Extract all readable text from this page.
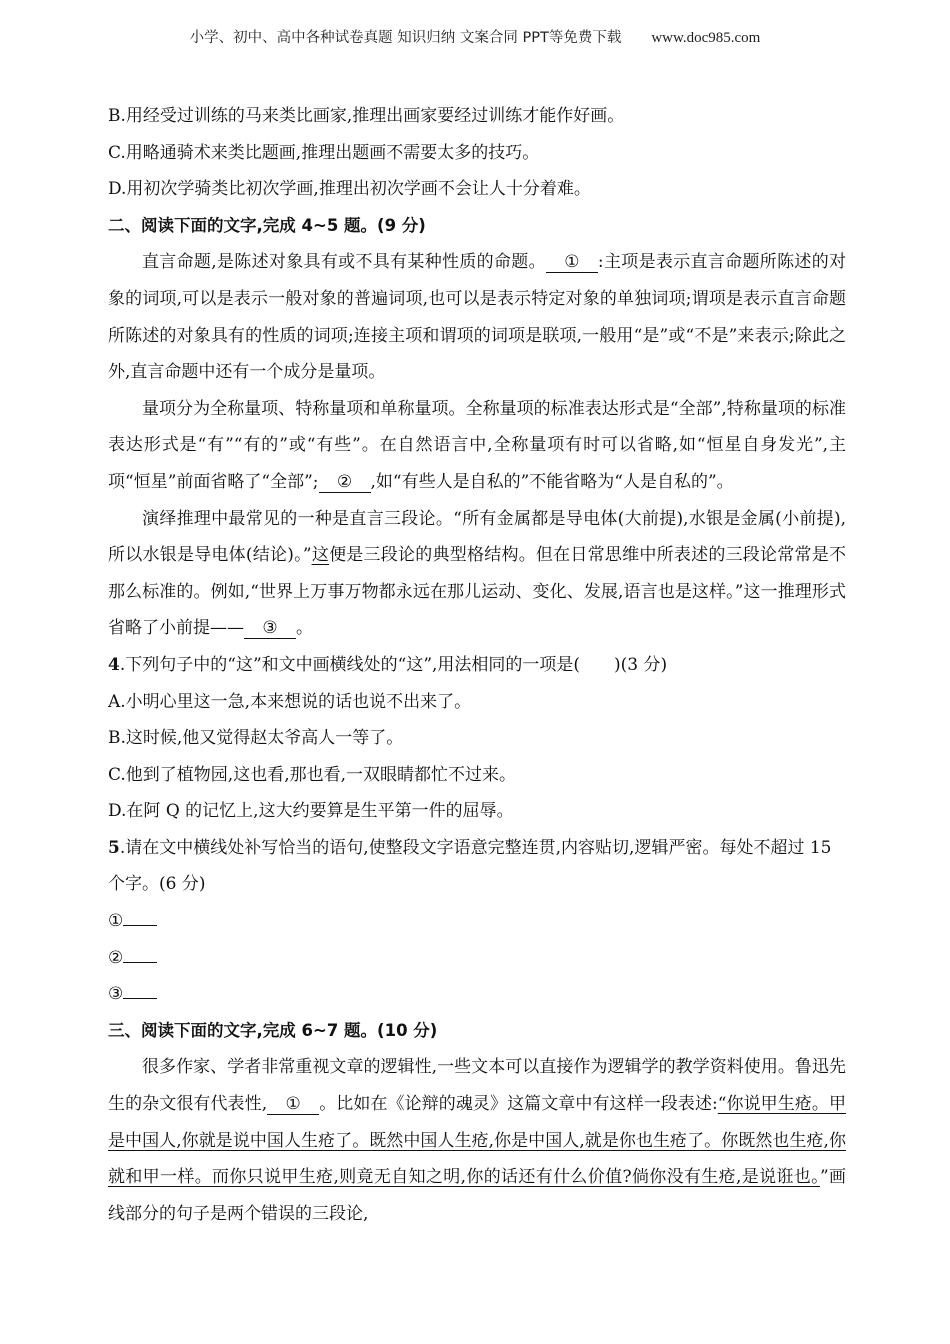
小学、初中、高中各种试卷真题 知识归纳 文案合同 PPT等免费下载 www.doc985.com

B.用经受过训练的马来类比画家,推理出画家要经过训练才能作好画。

C.用略通骑术来类比题画,推理出题画不需要太多的技巧。

D.用初次学骑类比初次学画,推理出初次学画不会让人十分着难。

二、阅读下面的文字,完成 4~5 题。(9 分)

直言命题,是陈述对象具有或不具有某种性质的命题。 ① :主项是表示直言命题所陈述的对象的词项,可以是表示一般对象的普遍词项,也可以是表示特定对象的单独词项;谓项是表示直言命题所陈述的对象具有的性质的词项;连接主项和谓项的词项是联项,一般用“是”或“不是”来表示;除此之外,直言命题中还有一个成分是量项。

量项分为全称量项、特称量项和单称量项。全称量项的标准表达形式是“全部”,特称量项的标准表达形式是“有”“有的”或“有些”。在自然语言中,全称量项有时可以省略,如“恒星自身发光”,主项“恒星”前面省略了“全部”; ② ,如“有些人是自私的”不能省略为“人是自私的”。

演绎推理中最常见的一种是直言三段论。“所有金属都是导电体(大前提),水银是金属(小前提),所以水银是导电体(结论)。”这便是三段论的典型格结构。但在日常思维中所表述的三段论常常是不那么标准的。例如,“世界上万事万物都永远在那儿运动、变化、发展,语言也是这样。”这一推理形式省略了小前提—— ③ 。

4.下列句子中的“这”和文中画横线处的“这”,用法相同的一项是(　　)(3 分)

A.小明心里这一急,本来想说的话也说不出来了。

B.这时候,他又觉得赵太爷高人一等了。

C.他到了植物园,这也看,那也看,一双眼睛都忙不过来。

D.在阿 Q 的记忆上,这大约要算是生平第一件的屈辱。

5.请在文中横线处补写恰当的语句,使整段文字语意完整连贯,内容贴切,逻辑严密。每处不超过 15 个字。(6 分)

①

②

③

三、阅读下面的文字,完成 6~7 题。(10 分)

很多作家、学者非常重视文章的逻辑性,一些文本可以直接作为逻辑学的教学资料使用。鲁迅先生的杂文很有代表性, ① 。比如在《论辩的魂灵》这篇文章中有这样一段表述:“你说甲生疮。甲是中国人,你就是说中国人生疮了。既然中国人生疮,你是中国人,就是你也生疮了。你既然也生疮,你就和甲一样。而你只说甲生疮,则竟无自知之明,你的话还有什么价值?倘你没有生疮,是说诳也。”画线部分的句子是两个错误的三段论,
